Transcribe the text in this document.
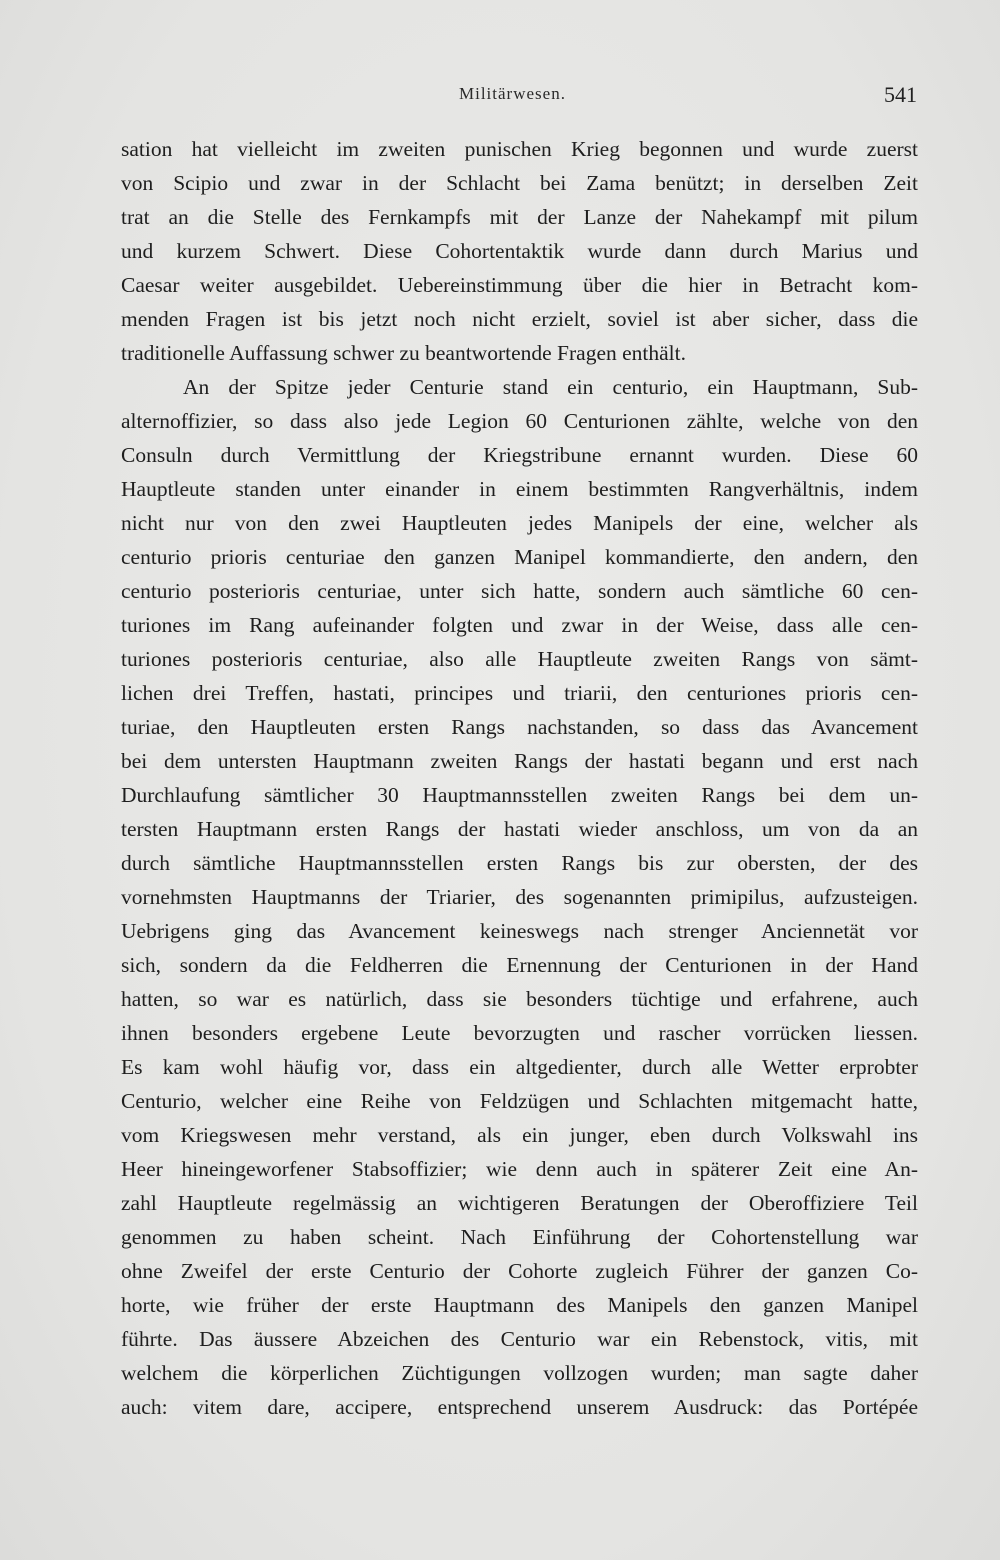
Militärwesen.	541
sation hat vielleicht im zweiten punischen Krieg begonnen und wurde zuerst
von Scipio und zwar in der Schlacht bei Zama benützt; in derselben Zeit
trat an die Stelle des Fernkampfs mit der Lanze der Nahekampf mit pilum
und kurzem Schwert. Diese Cohortentaktik wurde dann durch Marius und
Caesar weiter ausgebildet. Uebereinstimmung über die hier in Betracht kom-
menden Fragen ist bis jetzt noch nicht erzielt, soviel ist aber sicher, dass die
traditionelle Auffassung schwer zu beantwortende Fragen enthält.
An der Spitze jeder Centurie stand ein centurio, ein Hauptmann, Sub-
alternoffizier, so dass also jede Legion 60 Centurionen zählte, welche von den
Consuln durch Vermittlung der Kriegstribune ernannt wurden. Diese 60
Hauptleute standen unter einander in einem bestimmten Rangverhältnis, indem
nicht nur von den zwei Hauptleuten jedes Manipels der eine, welcher als
centurio prioris centuriae den ganzen Manipel kommandierte, den andern, den
centurio posterioris centuriae, unter sich hatte, sondern auch sämtliche 60 cen-
turiones im Rang aufeinander folgten und zwar in der Weise, dass alle cen-
turiones posterioris centuriae, also alle Hauptleute zweiten Rangs von sämt-
lichen drei Treffen, hastati, principes und triarii, den centuriones prioris cen-
turiae, den Hauptleuten ersten Rangs nachstanden, so dass das Avancement
bei dem untersten Hauptmann zweiten Rangs der hastati begann und erst nach
Durchlaufung sämtlicher 30 Hauptmannsstellen zweiten Rangs bei dem un-
tersten Hauptmann ersten Rangs der hastati wieder anschloss, um von da an
durch sämtliche Hauptmannsstellen ersten Rangs bis zur obersten, der des
vornehmsten Hauptmanns der Triarier, des sogenannten primipilus, aufzusteigen.
Uebrigens ging das Avancement keineswegs nach strenger Anciennetät vor
sich, sondern da die Feldherren die Ernennung der Centurionen in der Hand
hatten, so war es natürlich, dass sie besonders tüchtige und erfahrene, auch
ihnen besonders ergebene Leute bevorzugten und rascher vorrücken liessen.
Es kam wohl häufig vor, dass ein altgedienter, durch alle Wetter erprobter
Centurio, welcher eine Reihe von Feldzügen und Schlachten mitgemacht hatte,
vom Kriegswesen mehr verstand, als ein junger, eben durch Volkswahl ins
Heer hineingeworfener Stabsoffizier; wie denn auch in späterer Zeit eine An-
zahl Hauptleute regelmässig an wichtigeren Beratungen der Oberoffiziere Teil
genommen zu haben scheint. Nach Einführung der Cohortenstellung war
ohne Zweifel der erste Centurio der Cohorte zugleich Führer der ganzen Co-
horte, wie früher der erste Hauptmann des Manipels den ganzen Manipel
führte. Das äussere Abzeichen des Centurio war ein Rebenstock, vitis, mit
welchem die körperlichen Züchtigungen vollzogen wurden; man sagte daher
auch: vitem dare, accipere, entsprechend unserem Ausdruck: das Portépée
